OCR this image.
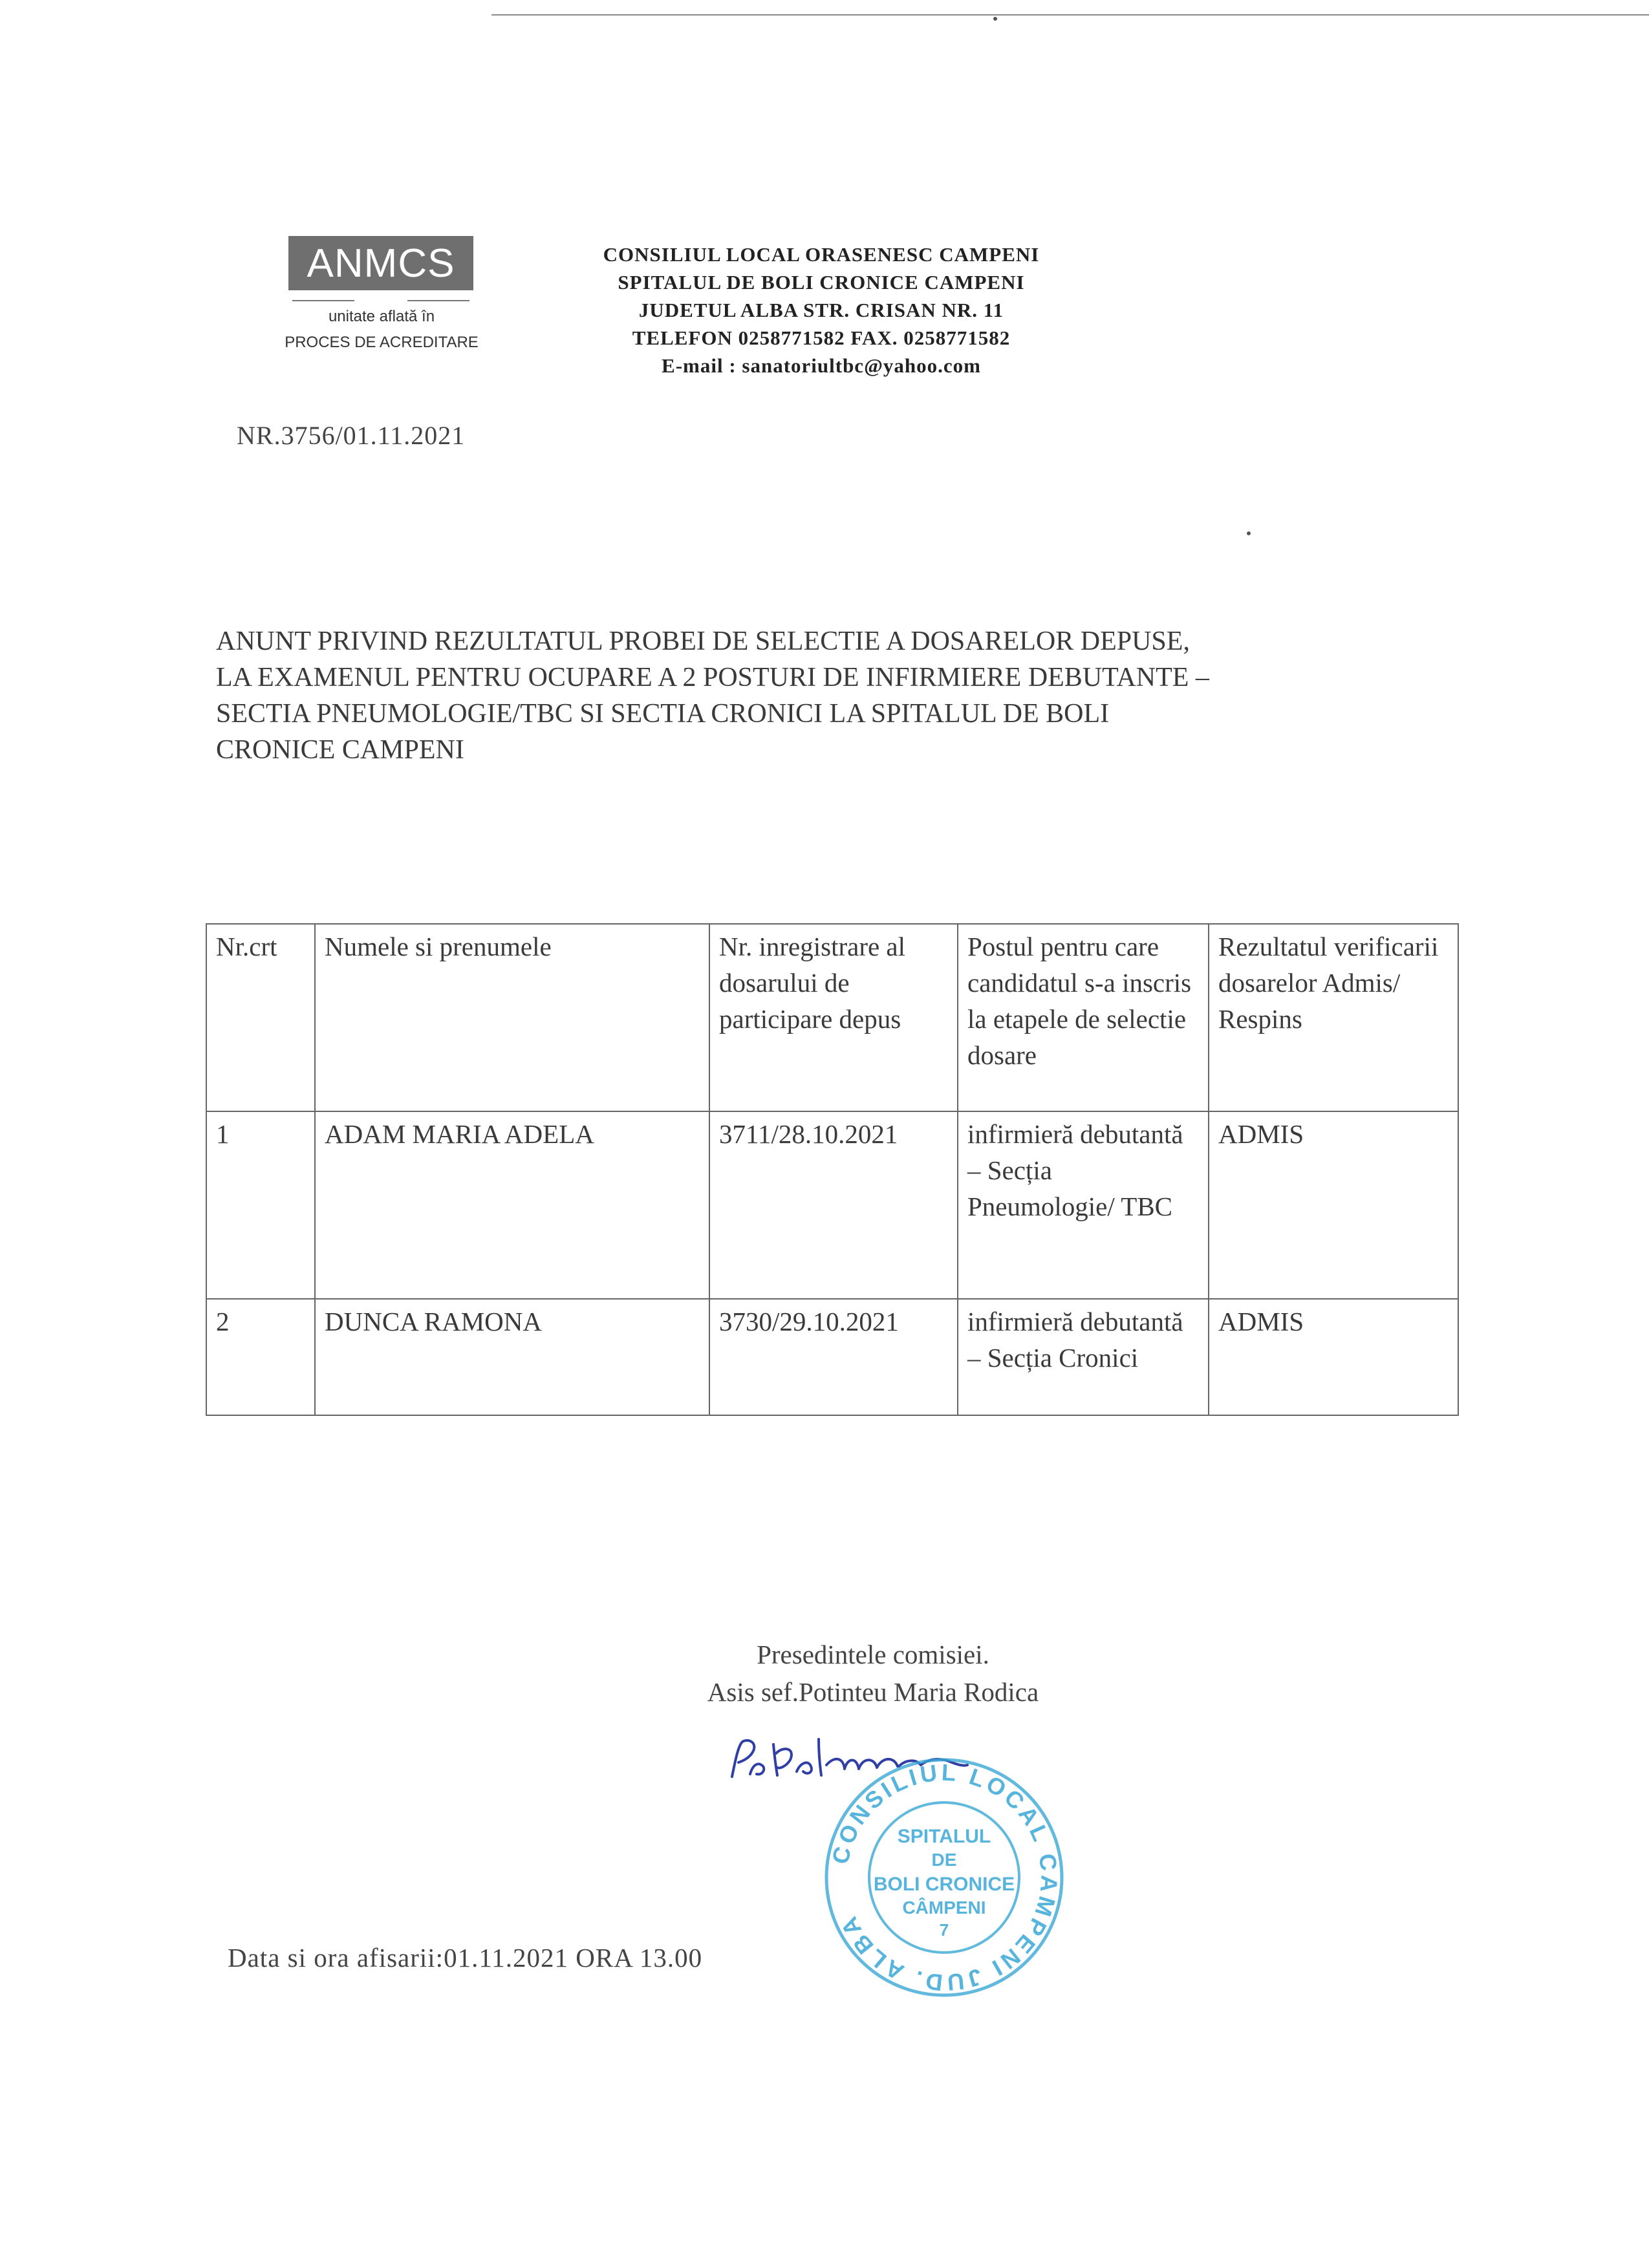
ANMCS
unitate aflată în
PROCES DE ACREDITARE
CONSILIUL LOCAL ORASENESC CAMPENI
SPITALUL DE BOLI CRONICE CAMPENI
JUDETUL ALBA STR. CRISAN NR. 11
TELEFON 0258771582 FAX. 0258771582
E-mail : sanatoriultbc@yahoo.com
NR.3756/01.11.2021
ANUNT PRIVIND REZULTATUL PROBEI DE SELECTIE A DOSARELOR DEPUSE,
LA EXAMENUL PENTRU OCUPARE A 2 POSTURI DE INFIRMIERE DEBUTANTE –
SECTIA PNEUMOLOGIE/TBC SI SECTIA CRONICI LA SPITALUL DE BOLI
CRONICE CAMPENI
Nr.crt	Numele si prenumele	Nr. inregistrare al dosarului de participare depus	Postul pentru care candidatul s-a inscris la etapele de selectie dosare	Rezultatul verificarii dosarelor Admis/ Respins
1	ADAM MARIA ADELA	3711/28.10.2021	infirmieră debutantă – Secția Pneumologie/ TBC	ADMIS
2	DUNCA RAMONA	3730/29.10.2021	infirmieră debutantă – Secția Cronici	ADMIS
Presedintele comisiei.
Asis sef.Potinteu Maria Rodica
CONSILIUL LOCAL CAMPENI JUD. ALBA
SPITALUL
DE
BOLI CRONICE
CÂMPENI
7
Data si ora afisarii:01.11.2021 ORA 13.00
